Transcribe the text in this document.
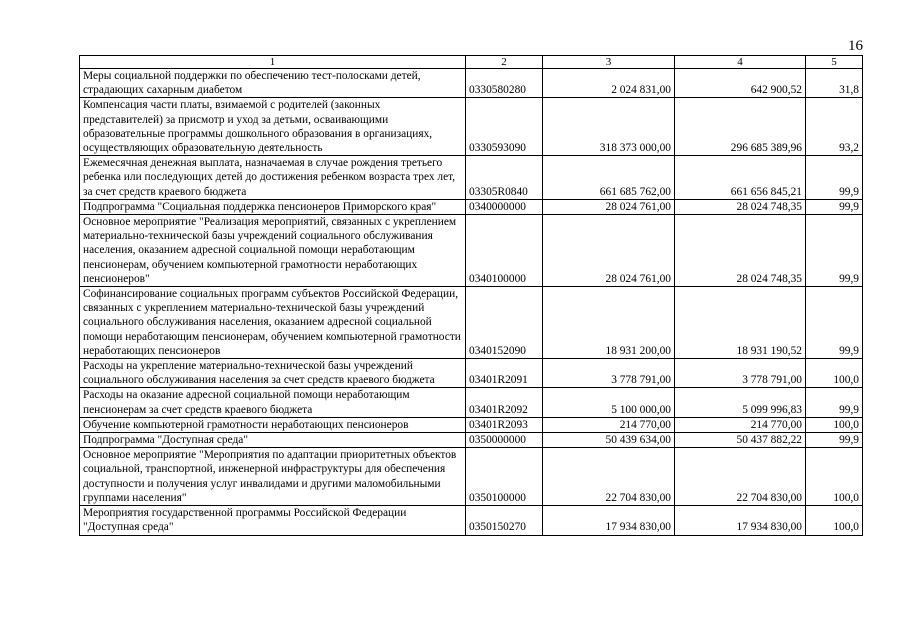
16
1	2	3	4	5
Меры социальной поддержки по обеспечению тест-полосками детей, страдающих сахарным диабетом	0330580280	2 024 831,00	642 900,52	31,8
Компенсация части платы, взимаемой с родителей (законных представителей) за присмотр и уход за детьми, осваивающими образовательные программы дошкольного образования в организациях, осуществляющих образовательную деятельность	0330593090	318 373 000,00	296 685 389,96	93,2
Ежемесячная денежная выплата, назначаемая в случае рождения третьего ребенка или последующих детей до достижения ребенком возраста трех лет, за счет средств краевого бюджета	03305R0840	661 685 762,00	661 656 845,21	99,9
Подпрограмма "Социальная поддержка пенсионеров Приморского края"	0340000000	28 024 761,00	28 024 748,35	99,9
Основное мероприятие "Реализация мероприятий, связанных с укреплением материально-технической базы учреждений социального обслуживания населения, оказанием адресной социальной помощи неработающим пенсионерам, обучением компьютерной грамотности неработающих пенсионеров"	0340100000	28 024 761,00	28 024 748,35	99,9
Софинансирование социальных программ субъектов Российской Федерации, связанных с укреплением материально-технической базы учреждений социального обслуживания населения, оказанием адресной социальной помощи неработающим пенсионерам, обучением компьютерной грамотности неработающих пенсионеров	0340152090	18 931 200,00	18 931 190,52	99,9
Расходы на укрепление материально-технической базы учреждений социального обслуживания населения за счет средств краевого бюджета	03401R2091	3 778 791,00	3 778 791,00	100,0
Расходы на оказание адресной социальной помощи неработающим пенсионерам за счет средств краевого бюджета	03401R2092	5 100 000,00	5 099 996,83	99,9
Обучение компьютерной грамотности неработающих пенсионеров	03401R2093	214 770,00	214 770,00	100,0
Подпрограмма "Доступная среда"	0350000000	50 439 634,00	50 437 882,22	99,9
Основное мероприятие "Мероприятия по адаптации приоритетных объектов социальной, транспортной, инженерной инфраструктуры для обеспечения доступности и получения услуг инвалидами и другими маломобильными группами населения"	0350100000	22 704 830,00	22 704 830,00	100,0
Мероприятия государственной программы Российской Федерации "Доступная среда"	0350150270	17 934 830,00	17 934 830,00	100,0
